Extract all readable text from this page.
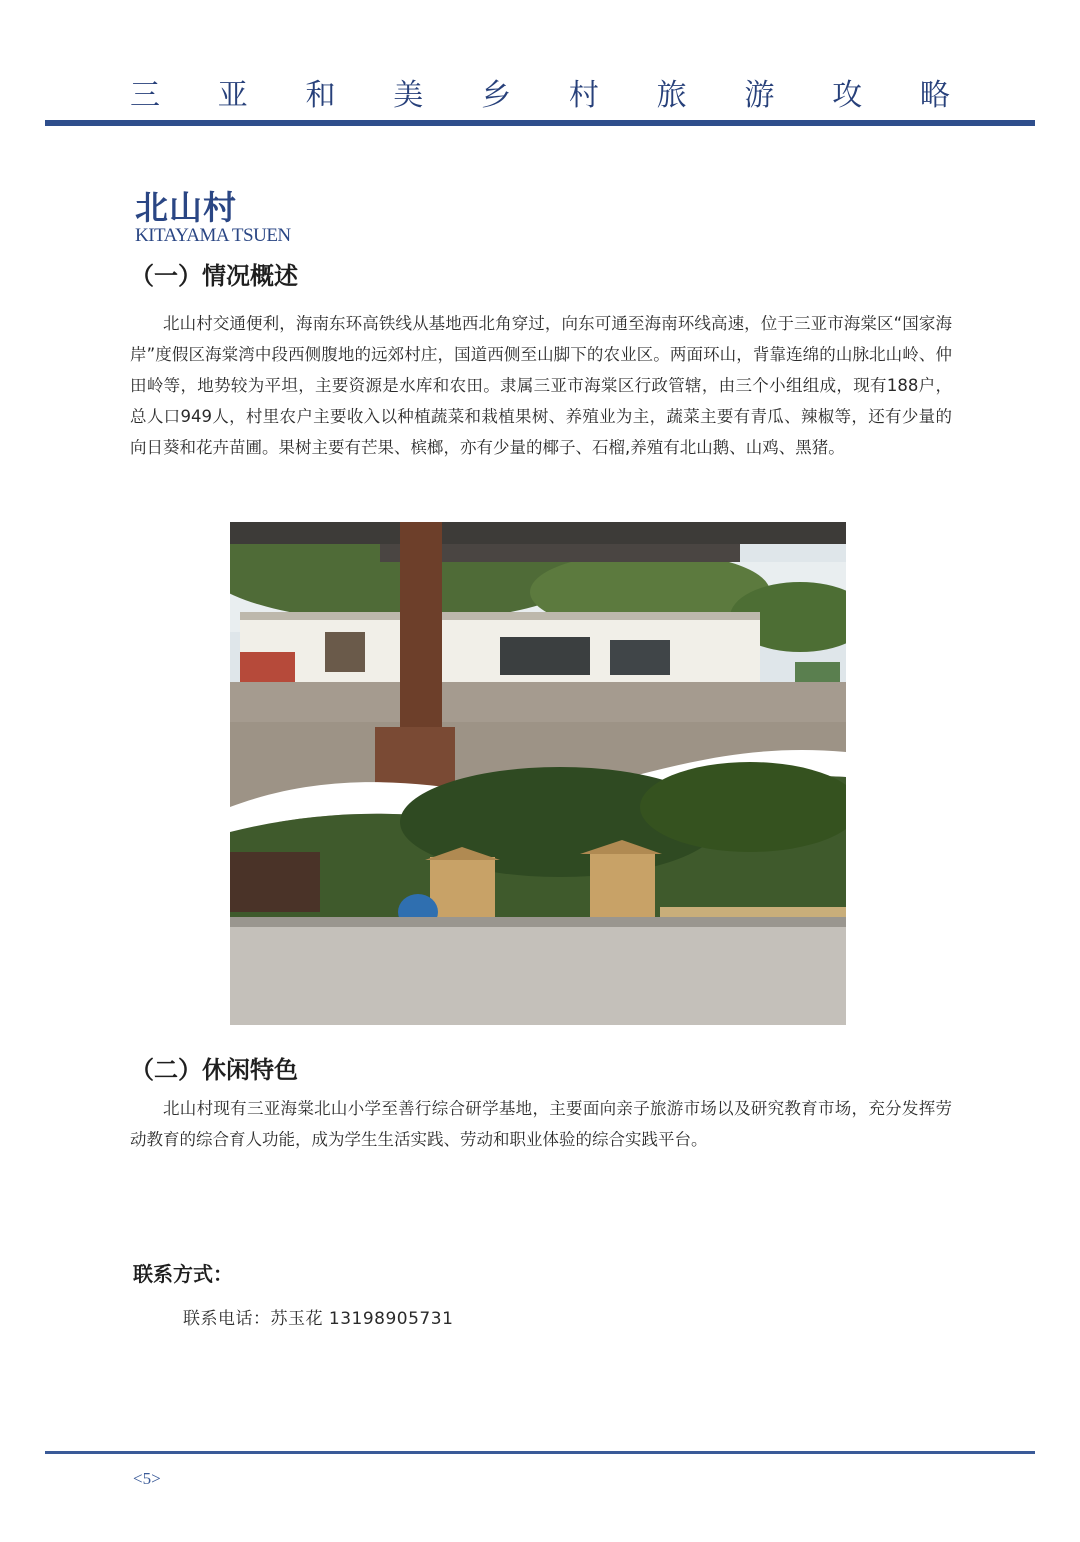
三 亚 和 美 乡 村 旅 游 攻 略
北山村
KITAYAMA TSUEN
（一）情况概述

北山村交通便利，海南东环高铁线从基地西北角穿过，向东可通至海南环线高速，位于三亚市海棠区“国家海岸”度假区海棠湾中段西侧腹地的远郊村庄，国道西侧至山脚下的农业区。两面环山，背靠连绵的山脉北山岭、仲田岭等，地势较为平坦，主要资源是水库和农田。隶属三亚市海棠区行政管辖，由三个小组组成，现有188户，总人口949人，村里农户主要收入以种植蔬菜和栽植果树、养殖业为主，蔬菜主要有青瓜、辣椒等，还有少量的向日葵和花卉苗圃。果树主要有芒果、槟榔，亦有少量的椰子、石榴,养殖有北山鹅、山鸡、黑猪。

（二）休闲特色

北山村现有三亚海棠北山小学至善行综合研学基地，主要面向亲子旅游市场以及研究教育市场，充分发挥劳动教育的综合育人功能，成为学生生活实践、劳动和职业体验的综合实践平台。

联系方式：
联系电话：苏玉花 13198905731
<5>
